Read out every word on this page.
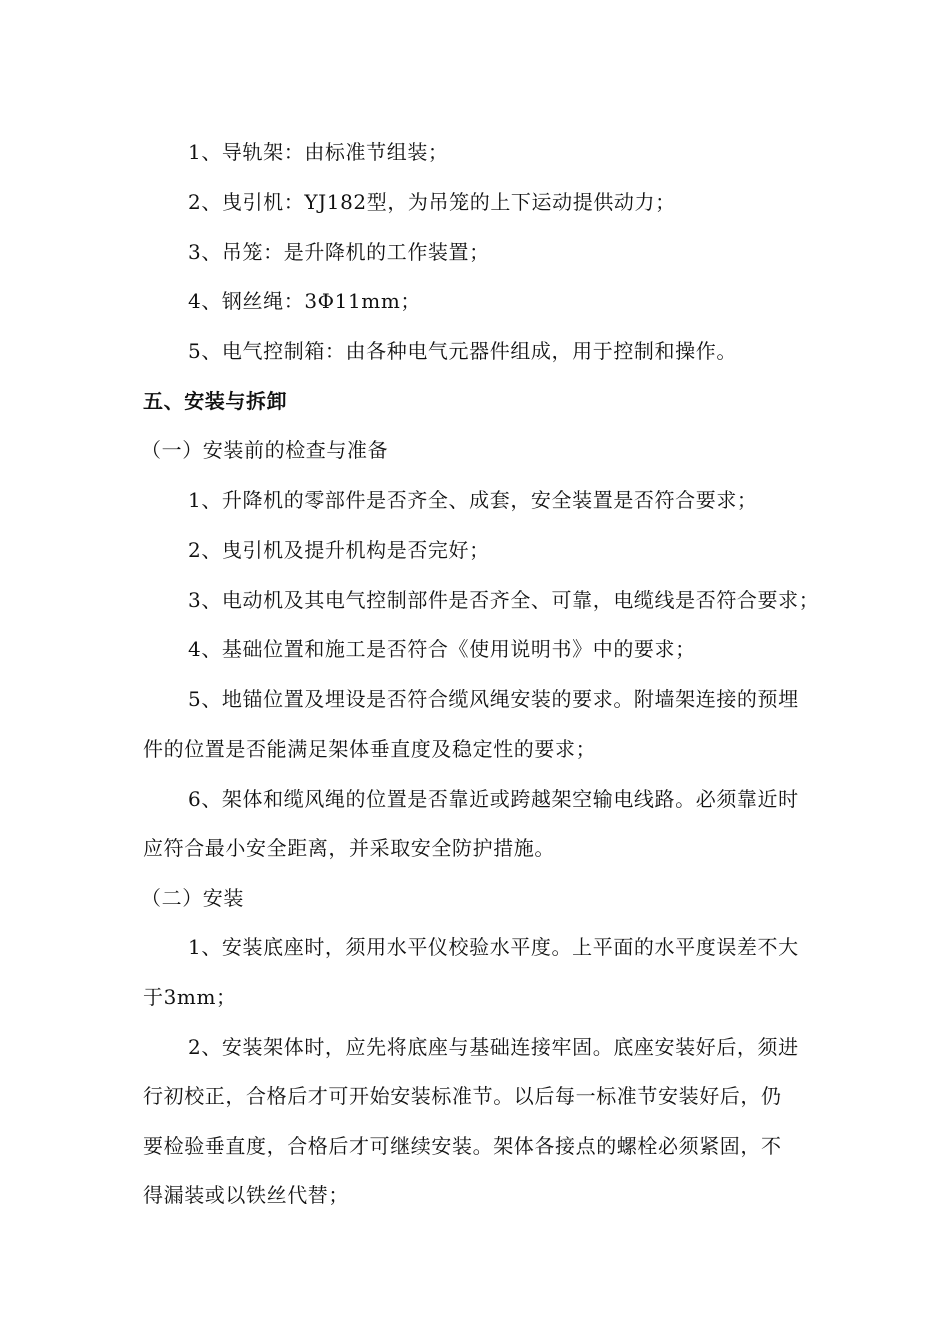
1、导轨架：由标准节组装；
2、曳引机：YJ182型，为吊笼的上下运动提供动力；
3、吊笼：是升降机的工作装置；
4、钢丝绳：3Φ11mm；
5、电气控制箱：由各种电气元器件组成，用于控制和操作。
五、安装与拆卸
（一）安装前的检查与准备
1、升降机的零部件是否齐全、成套，安全装置是否符合要求；
2、曳引机及提升机构是否完好；
3、电动机及其电气控制部件是否齐全、可靠，电缆线是否符合要求；
4、基础位置和施工是否符合《使用说明书》中的要求；
5、地锚位置及埋设是否符合缆风绳安装的要求。附墙架连接的预埋
件的位置是否能满足架体垂直度及稳定性的要求；
6、架体和缆风绳的位置是否靠近或跨越架空输电线路。必须靠近时
应符合最小安全距离，并采取安全防护措施。
（二）安装
1、安装底座时，须用水平仪校验水平度。上平面的水平度误差不大
于3mm；
2、安装架体时，应先将底座与基础连接牢固。底座安装好后，须进
行初校正，合格后才可开始安装标准节。以后每一标准节安装好后，仍
要检验垂直度，合格后才可继续安装。架体各接点的螺栓必须紧固，不
得漏装或以铁丝代替；
